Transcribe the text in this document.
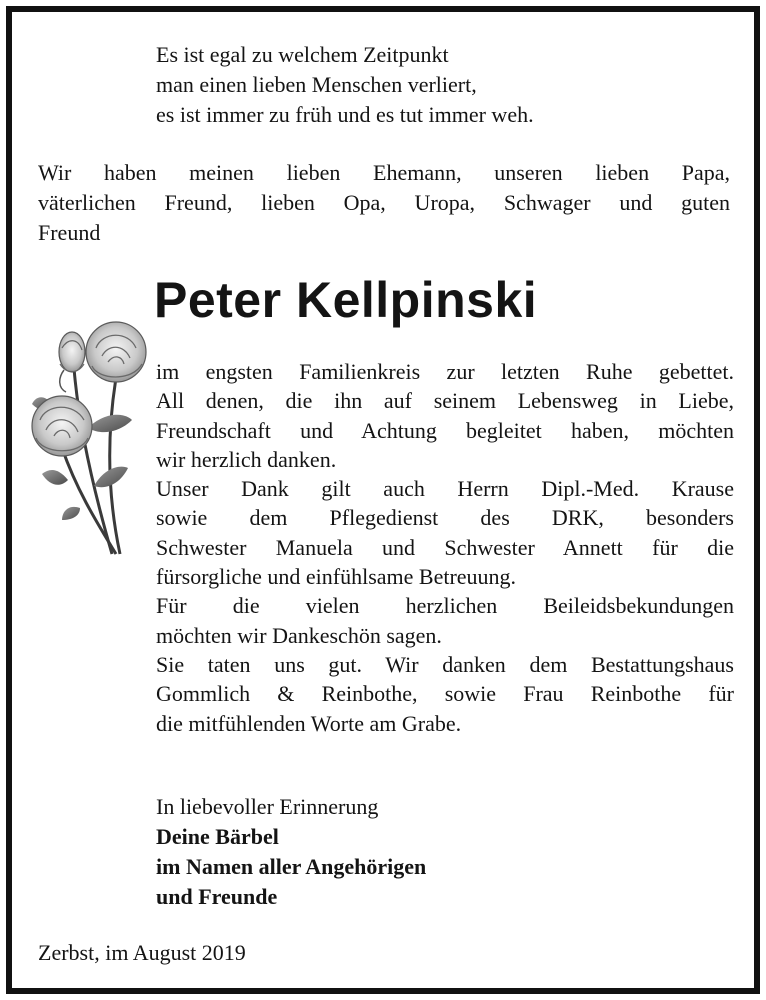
Es ist egal zu welchem Zeitpunkt
man einen lieben Menschen verliert,
es ist immer zu früh und es tut immer weh.
Wir haben meinen lieben Ehemann, unseren lieben Papa,
väterlichen Freund, lieben Opa, Uropa, Schwager und guten
Freund
Peter Kellpinski
im engsten Familienkreis zur letzten Ruhe gebettet.
All denen, die ihn auf seinem Lebensweg in Liebe,
Freundschaft und Achtung begleitet haben, möchten
wir herzlich danken.
Unser Dank gilt auch Herrn Dipl.-Med. Krause
sowie dem Pflegedienst des DRK, besonders
Schwester Manuela und Schwester Annett für die
fürsorgliche und einfühlsame Betreuung.
Für die vielen herzlichen Beileidsbekundungen
möchten wir Dankeschön sagen.
Sie taten uns gut. Wir danken dem Bestattungshaus
Gommlich & Reinbothe, sowie Frau Reinbothe für
die mitfühlenden Worte am Grabe.
In liebevoller Erinnerung
Deine Bärbel
im Namen aller Angehörigen
und Freunde
Zerbst, im August 2019
